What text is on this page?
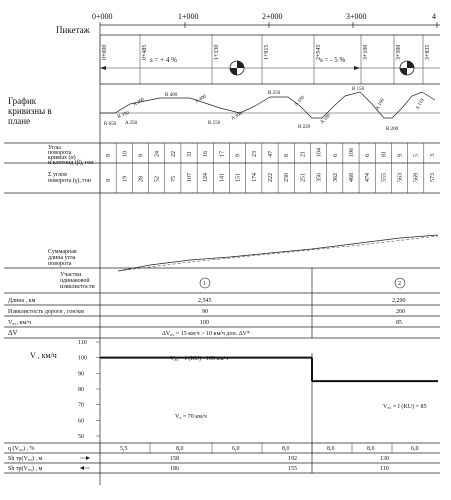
0+000	1+000	2+000	3+000	4
Пикетаж
0+000	0+485	1+330	1+915	2+545	3+100	3+500	3+835
s = + 4 %	s = - 5 %
График
кривизны в
плане
R 350
A 300
R 400	A 400
R 650 A 250	R 550
A 300
R 250
A 180
R 220
A 180
R 150
A 100
R 200
A 110
Углы
поворота
кривых (α)
и клотоид (β), гон
9 10 9 24 22 31 16 17 9 23 47 8 21 104 6 106 6 81 9 5 3
Σ углов
поворота (γ), гон	9 19 28 52 75 107 124 141 151 174 222 230 251 356 362 468 474 555 563 569 573
Суммарная
длина угла
поворота
Участки
одинаковой
извилистости	1	2
Длина , км	2,545	2,290
Извилистость дороги , гон/км	90	260
V₈₅, км/ч	100	85
ΔV	ΔV₈₅ = 15 км/ч > 10 км/ч доп. ΔV*
V , км/ч
110
100
90
80
70
60
50
V₈₅ = f (KU) - 100 км/ч
V₈₅ = f (KU) = 85
V₀ = 70 км/ч
q (V₈₅) , %	5,5	8,0	6,0	8,0	8,0	8,0	6,0
Sh тр(V₈₅) , м	158	192	130
Sh тр(V₈₅) , м	186	155	110
